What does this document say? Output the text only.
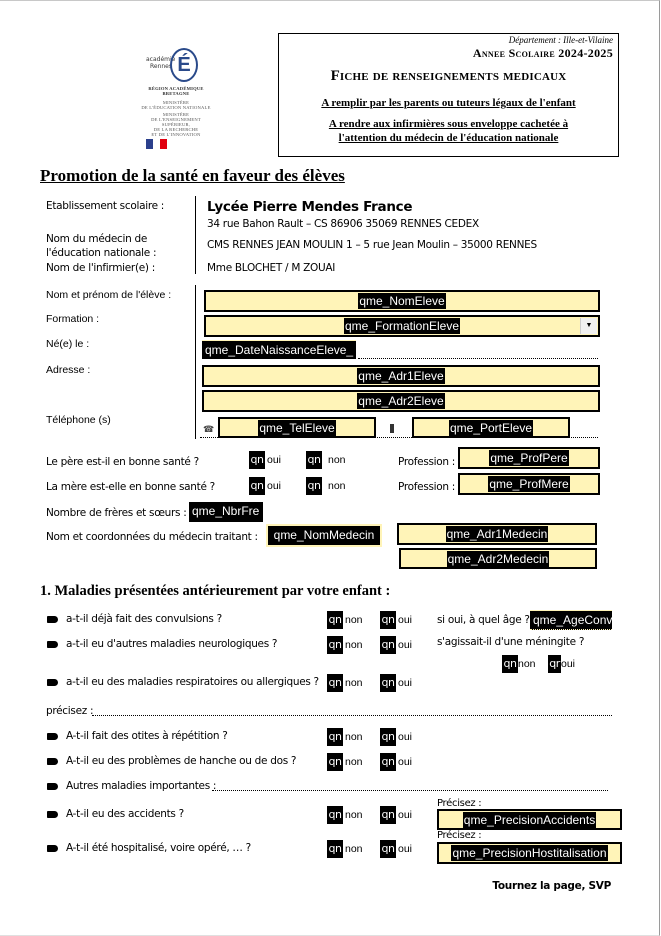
académie
Rennes É
RÉGION ACADÉMIQUE
BRETAGNE
MINISTÈRE
DE L'ÉDUCATION NATIONALE
MINISTÈRE
DE L'ENSEIGNEMENT SUPÉRIEUR,
DE LA RECHERCHE
ET DE L'INNOVATION
Département : Ille-et-Vilaine
Annee Scolaire 2024-2025
Fiche de renseignements medicaux
A remplir par les parents ou tuteurs légaux de l'enfant
A rendre aux infirmières sous enveloppe cachetée à
l'attention du médecin de l'éducation nationale
Promotion de la santé en faveur des élèves
Etablissement scolaire :	Lycée Pierre Mendes France
34 rue Bahon Rault – CS 86906 35069 RENNES CEDEX
Nom du médecin de
l'éducation nationale :
CMS RENNES JEAN MOULIN 1 – 5 rue Jean Moulin – 35000 RENNES
Nom de l'infirmier(e) :	Mme BLOCHET / M ZOUAI
Nom et prénom de l'élève :	qme_NomEleve
Formation :	qme_FormationEleve	▼
Né(e) le :	qme_DateNaissanceEleve_
Adresse :	qme_Adr1Eleve
qme_Adr2Eleve
Téléphone (s)
☎	qme_TelEleve	qme_PortEleve
Le père est-il en bonne santé ?	qn oui qn non	Profession :	qme_ProfPere
La mère est-elle en bonne santé ?	qn oui qn non	Profession :	qme_ProfMere
Nombre de frères et sœurs : qme_NbrFre
Nom et coordonnées du médecin traitant :	qme_NomMedecin	qme_Adr1Medecin
qme_Adr2Medecin
1. Maladies présentées antérieurement par votre enfant :
a-t-il déjà fait des convulsions ?	qn non qn oui si oui, à quel âge ? qme_AgeConv
a-t-il eu d'autres maladies neurologiques ?	qn non qn oui s'agissait-il d'une méningite ?
qn non qroui
a-t-il eu des maladies respiratoires ou allergiques ? qn non qn oui
précisez :
A-t-il fait des otites à répétition ?	qn non qn oui
A-t-il eu des problèmes de hanche ou de dos ?	qn non qn oui
Autres maladies importantes :
A-t-il eu des accidents ?	qn non qn oui
Précisez :
qme_PrecisionAccidents
A-t-il été hospitalisé, voire opéré, … ?	qn non qn oui
Précisez :
qme_PrecisionHostitalisation
Tournez la page, SVP
